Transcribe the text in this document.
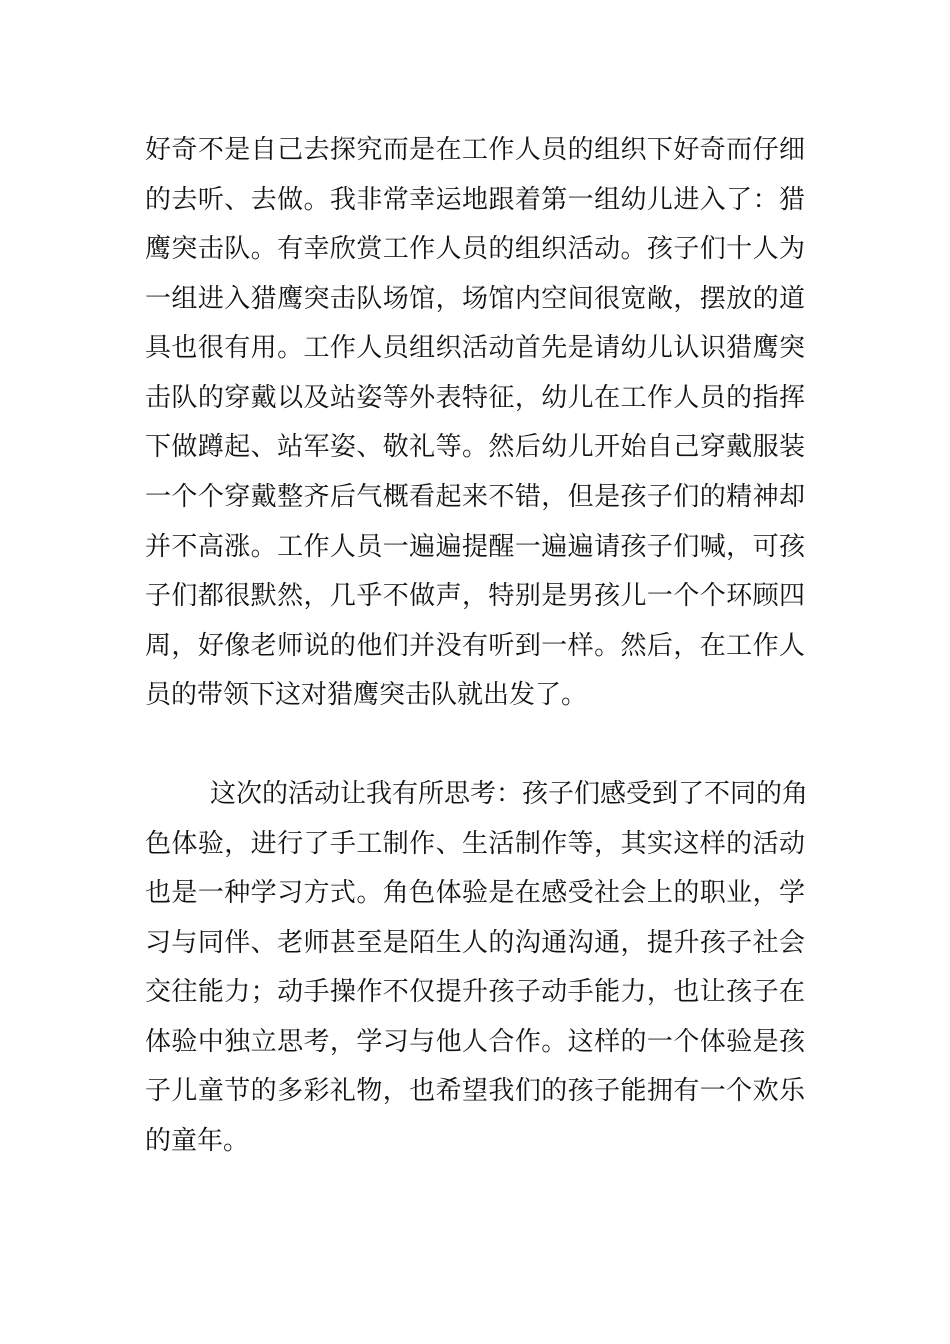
好奇不是自己去探究而是在工作人员的组织下好奇而仔细
的去听、去做。我非常幸运地跟着第一组幼儿进入了：猎
鹰突击队。有幸欣赏工作人员的组织活动。孩子们十人为
一组进入猎鹰突击队场馆，场馆内空间很宽敞，摆放的道
具也很有用。工作人员组织活动首先是请幼儿认识猎鹰突
击队的穿戴以及站姿等外表特征，幼儿在工作人员的指挥
下做蹲起、站军姿、敬礼等。然后幼儿开始自己穿戴服装
一个个穿戴整齐后气概看起来不错，但是孩子们的精神却
并不高涨。工作人员一遍遍提醒一遍遍请孩子们喊，可孩
子们都很默然，几乎不做声，特别是男孩儿一个个环顾四
周，好像老师说的他们并没有听到一样。然后，在工作人
员的带领下这对猎鹰突击队就出发了。
这次的活动让我有所思考：孩子们感受到了不同的角
色体验，进行了手工制作、生活制作等，其实这样的活动
也是一种学习方式。角色体验是在感受社会上的职业，学
习与同伴、老师甚至是陌生人的沟通沟通，提升孩子社会
交往能力；动手操作不仅提升孩子动手能力，也让孩子在
体验中独立思考，学习与他人合作。这样的一个体验是孩
子儿童节的多彩礼物，也希望我们的孩子能拥有一个欢乐
的童年。
